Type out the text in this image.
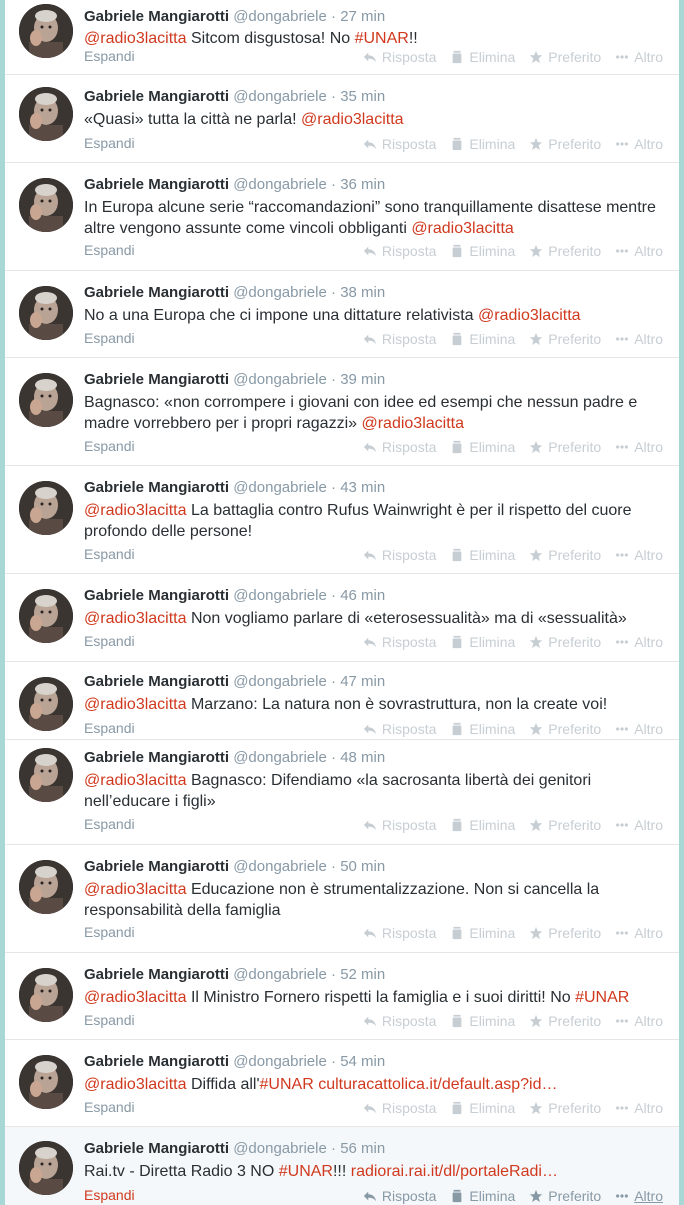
Gabriele Mangiarotti @dongabriele · 27 min
@radio3lacitta Sitcom disgustosa! No #UNAR!!
Espandi	Risposta Elimina Preferito Altro
Gabriele Mangiarotti @dongabriele · 35 min
«Quasi» tutta la città ne parla! @radio3lacitta
Espandi	Risposta Elimina Preferito Altro
Gabriele Mangiarotti @dongabriele · 36 min
In Europa alcune serie “raccomandazioni” sono tranquillamente disattese mentre altre vengono assunte come vincoli obbliganti @radio3lacitta
Espandi	Risposta Elimina Preferito Altro
Gabriele Mangiarotti @dongabriele · 38 min
No a una Europa che ci impone una dittature relativista @radio3lacitta
Espandi	Risposta Elimina Preferito Altro
Gabriele Mangiarotti @dongabriele · 39 min
Bagnasco: «non corrompere i giovani con idee ed esempi che nessun padre e madre vorrebbero per i propri ragazzi» @radio3lacitta
Espandi	Risposta Elimina Preferito Altro
Gabriele Mangiarotti @dongabriele · 43 min
@radio3lacitta La battaglia contro Rufus Wainwright è per il rispetto del cuore profondo delle persone!
Espandi	Risposta Elimina Preferito Altro
Gabriele Mangiarotti @dongabriele · 46 min
@radio3lacitta Non vogliamo parlare di «eterosessualità» ma di «sessualità»
Espandi	Risposta Elimina Preferito Altro
Gabriele Mangiarotti @dongabriele · 47 min
@radio3lacitta Marzano: La natura non è sovrastruttura, non la create voi!
Espandi	Risposta Elimina Preferito Altro
Gabriele Mangiarotti @dongabriele · 48 min
@radio3lacitta Bagnasco: Difendiamo «la sacrosanta libertà dei genitori nell’educare i figli»
Espandi	Risposta Elimina Preferito Altro
Gabriele Mangiarotti @dongabriele · 50 min
@radio3lacitta Educazione non è strumentalizzazione. Non si cancella la responsabilità della famiglia
Espandi	Risposta Elimina Preferito Altro
Gabriele Mangiarotti @dongabriele · 52 min
@radio3lacitta Il Ministro Fornero rispetti la famiglia e i suoi diritti! No #UNAR
Espandi	Risposta Elimina Preferito Altro
Gabriele Mangiarotti @dongabriele · 54 min
@radio3lacitta Diffida all'#UNAR culturacattolica.it/default.asp?id…
Espandi	Risposta Elimina Preferito Altro
Gabriele Mangiarotti @dongabriele · 56 min
Rai.tv - Diretta Radio 3 NO #UNAR!!! radiorai.rai.it/dl/portaleRadi…
Espandi	Risposta Elimina Preferito Altro
